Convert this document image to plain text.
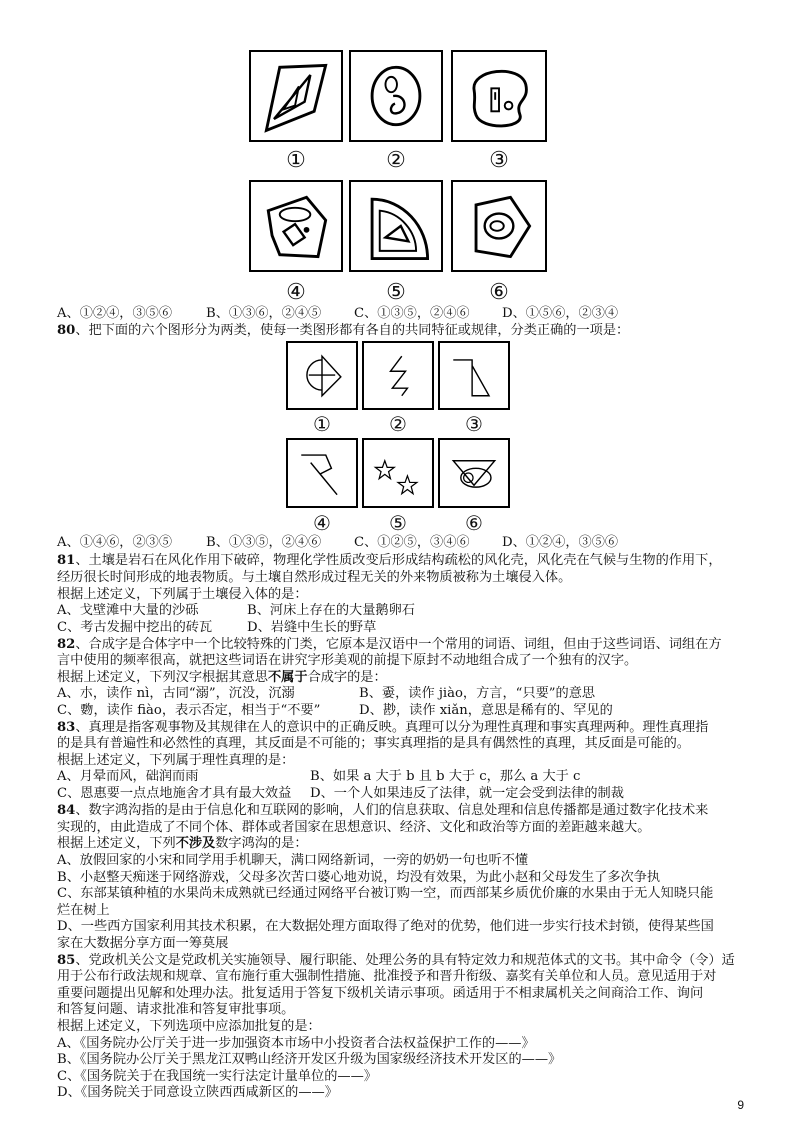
①	②	③
④	⑤	⑥
A、①②④，③⑤⑥	B、①③⑥，②④⑤ C、①③⑤，②④⑥ D、①⑤⑥，②③④
80、把下面的六个图形分为两类，使每一类图形都有各自的共同特征或规律，分类正确的一项是：
①	②	③
④	⑤	⑥
A、①④⑥，②③⑤	B、①③⑤，②④⑥ C、①②⑤，③④⑥ D、①②④，③⑤⑥
81、土壤是岩石在风化作用下破碎，物理化学性质改变后形成结构疏松的风化壳，风化壳在气候与生物的作用下，
经历很长时间形成的地表物质。与土壤自然形成过程无关的外来物质被称为土壤侵入体。
根据上述定义，下列属于土壤侵入体的是：
A、戈壁滩中大量的沙砾	B、河床上存在的大量鹅卵石
C、考古发掘中挖出的砖瓦	D、岩缝中生长的野草
82、合成字是合体字中一个比较特殊的门类，它原本是汉语中一个常用的词语、词组，但由于这些词语、词组在方
言中使用的频率很高，就把这些词语在讲究字形美观的前提下原封不动地组合成了一个独有的汉字。
根据上述定义，下列汉字根据其意思不属于合成字的是：
A、朩，读作 nì，古同“溺”，沉没，沉溺	B、嫑，读作 jiào，方言，“只要”的意思
C、覅，读作 fiào，表示否定，相当于“不要”	D、尠，读作 xiǎn，意思是稀有的、罕见的
83、真理是指客观事物及其规律在人的意识中的正确反映。真理可以分为理性真理和事实真理两种。理性真理指
的是具有普遍性和必然性的真理，其反面是不可能的；事实真理指的是具有偶然性的真理，其反面是可能的。
根据上述定义，下列属于理性真理的是：
A、月晕而风，础润而雨	B、如果 a 大于 b 且 b 大于 c，那么 a 大于 c
C、恩惠要一点点地施舍才具有最大效益 D、一个人如果违反了法律，就一定会受到法律的制裁
84、数字鸿沟指的是由于信息化和互联网的影响，人们的信息获取、信息处理和信息传播都是通过数字化技术来
实现的，由此造成了不同个体、群体或者国家在思想意识、经济、文化和政治等方面的差距越来越大。
根据上述定义，下列不涉及数字鸿沟的是：
A、放假回家的小宋和同学用手机聊天，满口网络新词，一旁的奶奶一句也听不懂
B、小赵整天痴迷于网络游戏，父母多次苦口婆心地劝说，均没有效果，为此小赵和父母发生了多次争执
C、东部某镇种植的水果尚未成熟就已经通过网络平台被订购一空，而西部某乡质优价廉的水果由于无人知晓只能
烂在树上
D、一些西方国家利用其技术积累，在大数据处理方面取得了绝对的优势，他们进一步实行技术封锁，使得某些国
家在大数据分享方面一筹莫展
85、党政机关公文是党政机关实施领导、履行职能、处理公务的具有特定效力和规范体式的文书。其中命令（令）适
用于公布行政法规和规章、宣布施行重大强制性措施、批准授予和晋升衔级、嘉奖有关单位和人员。意见适用于对
重要问题提出见解和处理办法。批复适用于答复下级机关请示事项。函适用于不相隶属机关之间商洽工作、询问
和答复问题、请求批准和答复审批事项。
根据上述定义，下列选项中应添加批复的是：
A、《国务院办公厅关于进一步加强资本市场中小投资者合法权益保护工作的——》
B、《国务院办公厅关于黑龙江双鸭山经济开发区升级为国家级经济技术开发区的——》
C、《国务院关于在我国统一实行法定计量单位的——》
D、《国务院关于同意设立陕西西咸新区的——》
9
